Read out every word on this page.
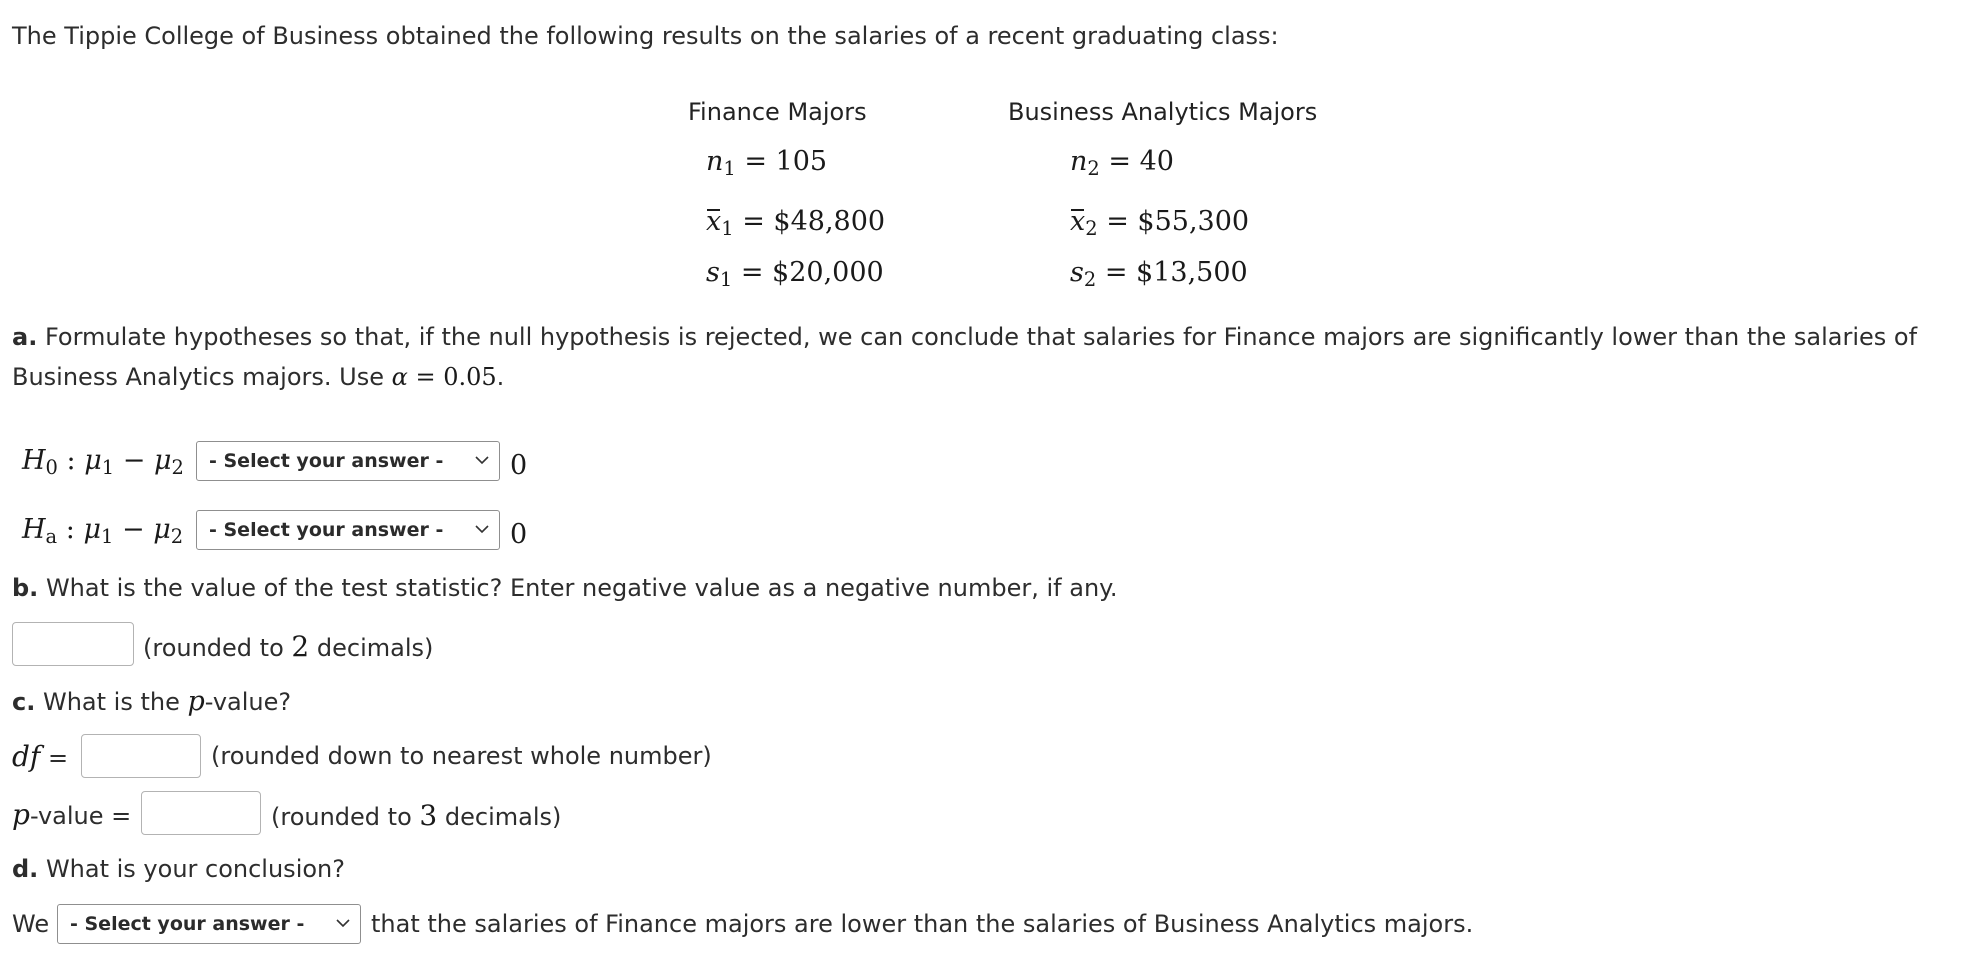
The Tippie College of Business obtained the following results on the salaries of a recent graduating class:
Finance Majors	Business Analytics Majors
$n_1 = 105$	$n_2 = 40$
$x_1$ = $48,800	$x_2$ = $55,300
$s_1$ = $20,000	$s_2$ = $13,500
a. Formulate hypotheses so that, if the null hypothesis is rejected, we can conclude that salaries for Finance majors are significantly lower than the salaries of
Business Analytics majors. Use α = 0.05.
$H_0$ : $\mu_1 - \mu_2$ - Select your answer - 0
$H_a$ : $\mu_1 - \mu_2$ - Select your answer - 0
b. What is the value of the test statistic? Enter negative value as a negative number, if any.
(rounded to 2 decimals)
c. What is the p-value?
df =	(rounded down to nearest whole number)
p-value =	(rounded to 3 decimals)
d. What is your conclusion?
We - Select your answer -	that the salaries of Finance majors are lower than the salaries of Business Analytics majors.
